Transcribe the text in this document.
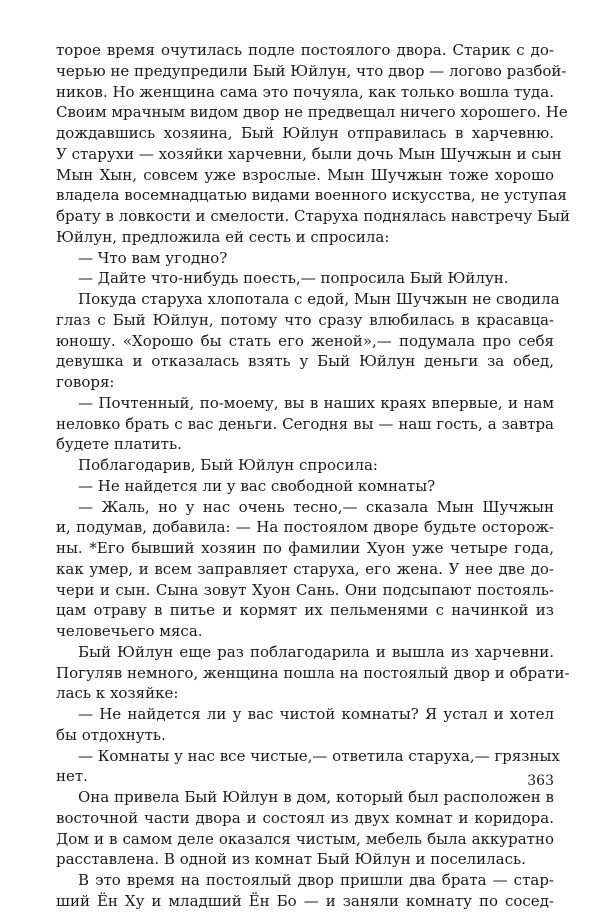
торое время очутилась подле постоялого двора. Старик с до-
черью не предупредили Бый Юйлун, что двор — логово разбой-
ников. Но женщина сама это почуяла, как только вошла туда.
Своим мрачным видом двор не предвещал ничего хорошего. Не
дождавшись хозяина, Бый Юйлун отправилась в харчевню.
У старухи — хозяйки харчевни, были дочь Мын Шучжын и сын
Мын Хын, совсем уже взрослые. Мын Шучжын тоже хорошо
владела восемнадцатью видами военного искусства, не уступая
брату в ловкости и смелости. Старуха поднялась навстречу Бый
Юйлун, предложила ей сесть и спросила:
— Что вам угодно?
— Дайте что-нибудь поесть,— попросила Бый Юйлун.
Покуда старуха хлопотала с едой, Мын Шучжын не сводила
глаз с Бый Юйлун, потому что сразу влюбилась в красавца-
юношу. «Хорошо бы стать его женой»,— подумала про себя
девушка и отказалась взять у Бый Юйлун деньги за обед,
говоря:
— Почтенный, по-моему, вы в наших краях впервые, и нам
неловко брать с вас деньги. Сегодня вы — наш гость, а завтра
будете платить.
Поблагодарив, Бый Юйлун спросила:
— Не найдется ли у вас свободной комнаты?
— Жаль, но у нас очень тесно,— сказала Мын Шучжын
и, подумав, добавила: — На постоялом дворе будьте осторож-
ны. *Его бывший хозяин по фамилии Хуон уже четыре года,
как умер, и всем заправляет старуха, его жена. У нее две до-
чери и сын. Сына зовут Хуон Сань. Они подсыпают постояль-
цам отраву в питье и кормят их пельменями с начинкой из
человечьего мяса.
Бый Юйлун еще раз поблагодарила и вышла из харчевни.
Погуляв немного, женщина пошла на постоялый двор и обрати-
лась к хозяйке:
— Не найдется ли у вас чистой комнаты? Я устал и хотел
бы отдохнуть.
— Комнаты у нас все чистые,— ответила старуха,— грязных
нет.
Она привела Бый Юйлун в дом, который был расположен в
восточной части двора и состоял из двух комнат и коридора.
Дом и в самом деле оказался чистым, мебель была аккуратно
расставлена. В одной из комнат Бый Юйлун и поселилась.
В это время на постоялый двор пришли два брата — стар-
ший Ён Ху и младший Ён Бо — и заняли комнату по сосед-
363
